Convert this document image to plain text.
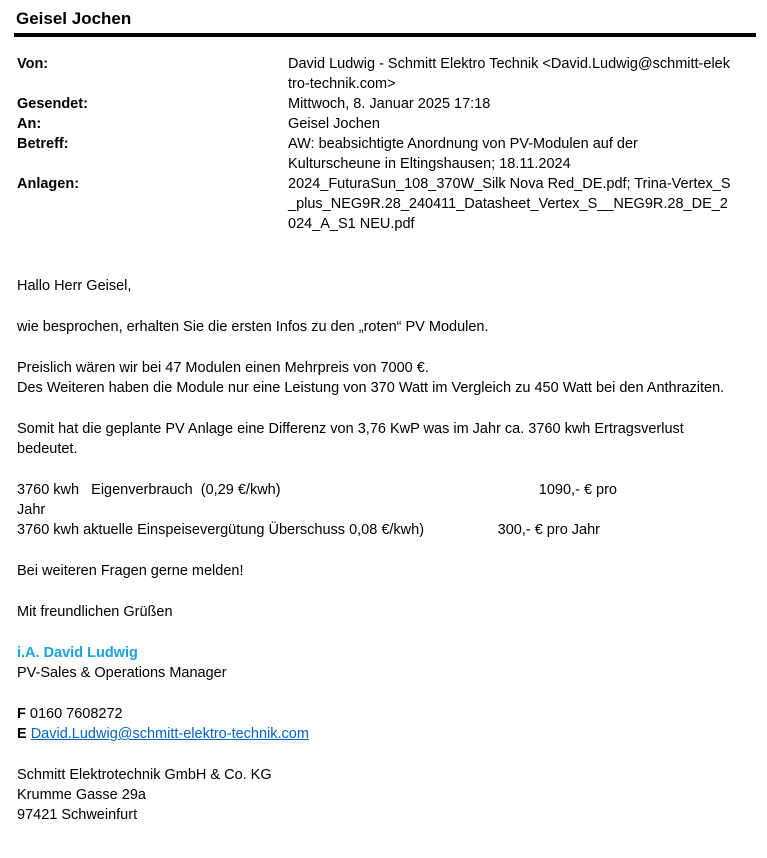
Geisel Jochen
Von:	David Ludwig - Schmitt Elektro Technik <David.Ludwig@schmitt-elektro-technik.com>
Gesendet:	Mittwoch, 8. Januar 2025 17:18
An:	Geisel Jochen
Betreff:	AW: beabsichtigte Anordnung von PV-Modulen auf der Kulturscheune in Eltingshausen; 18.11.2024
Anlagen:	2024_FuturaSun_108_370W_Silk Nova Red_DE.pdf; Trina-Vertex_S_plus_NEG9R.28_240411_Datasheet_Vertex_S__NEG9R.28_DE_2024_A_S1 NEU.pdf

Hallo Herr Geisel,

wie besprochen, erhalten Sie die ersten Infos zu den „roten“ PV Modulen.

Preislich wären wir bei 47 Modulen einen Mehrpreis von 7000 €.

Des Weiteren haben die Module nur eine Leistung von 370 Watt im Vergleich zu 450 Watt bei den Anthraziten.

Somit hat die geplante PV Anlage eine Differenz von 3,76 KwP was im Jahr ca. 3760 kwh Ertragsverlust bedeutet.

3760 kwh   Eigenverbrauch  (0,29 €/kwh)	1090,- € pro
Jahr
3760 kwh aktuelle Einspeisevergütung Überschuss 0,08 €/kwh)	300,- € pro Jahr

Bei weiteren Fragen gerne melden!

Mit freundlichen Grüßen

i.A. David Ludwig
PV-Sales & Operations Manager
F 0160 7608272
E David.Ludwig@schmitt-elektro-technik.com
Schmitt Elektrotechnik GmbH & Co. KG
Krumme Gasse 29a
97421 Schweinfurt
